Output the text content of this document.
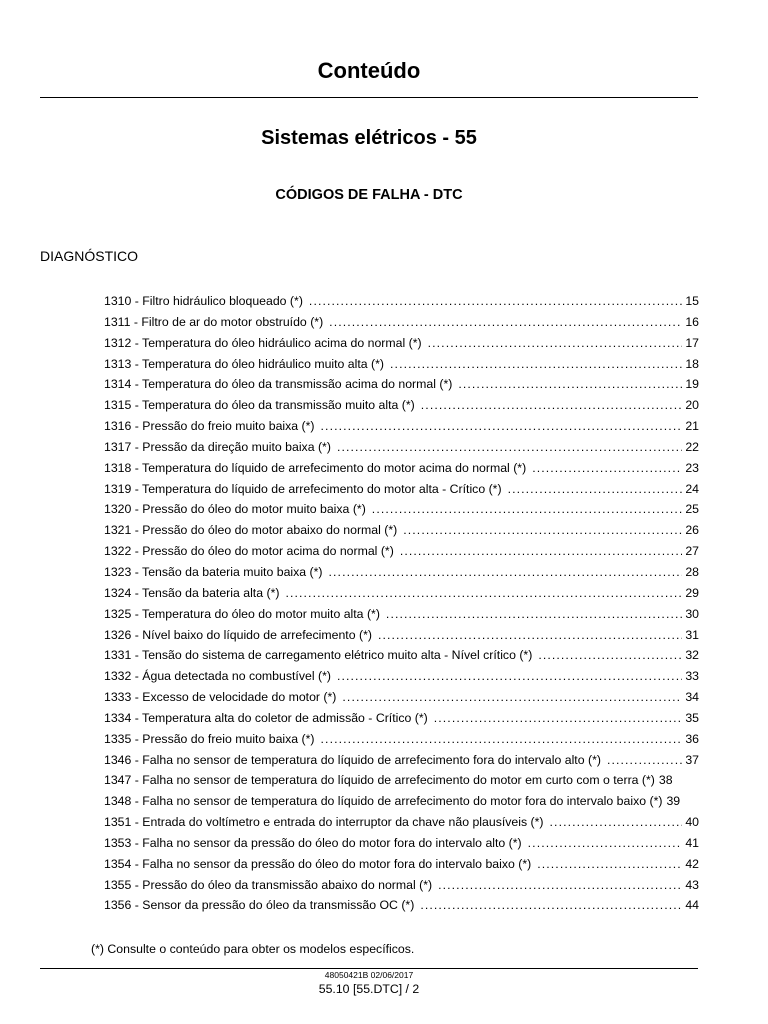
Conteúdo
Sistemas elétricos - 55
CÓDIGOS DE FALHA - DTC
DIAGNÓSTICO
1310 - Filtro hidráulico bloqueado (*) .....	15
1311 - Filtro de ar do motor obstruído (*) .....	16
1312 - Temperatura do óleo hidráulico acima do normal (*) .....	17
1313 - Temperatura do óleo hidráulico muito alta (*) .....	18
1314 - Temperatura do óleo da transmissão acima do normal (*) .....	19
1315 - Temperatura do óleo da transmissão muito alta (*) .....	20
1316 - Pressão do freio muito baixa (*) .....	21
1317 - Pressão da direção muito baixa (*) .....	22
1318 - Temperatura do líquido de arrefecimento do motor acima do normal (*) .....	23
1319 - Temperatura do líquido de arrefecimento do motor alta - Crítico (*) .....	24
1320 - Pressão do óleo do motor muito baixa (*) .....	25
1321 - Pressão do óleo do motor abaixo do normal (*) .....	26
1322 - Pressão do óleo do motor acima do normal (*) .....	27
1323 - Tensão da bateria muito baixa (*) .....	28
1324 - Tensão da bateria alta (*) .....	29
1325 - Temperatura do óleo do motor muito alta (*) .....	30
1326 - Nível baixo do líquido de arrefecimento (*) .....	31
1331 - Tensão do sistema de carregamento elétrico muito alta - Nível crítico (*) .....	32
1332 - Água detectada no combustível (*) .....	33
1333 - Excesso de velocidade do motor (*) .....	34
1334 - Temperatura alta do coletor de admissão - Crítico (*) .....	35
1335 - Pressão do freio muito baixa (*) .....	36
1346 - Falha no sensor de temperatura do líquido de arrefecimento fora do intervalo alto (*) .....	37
1347 - Falha no sensor de temperatura do líquido de arrefecimento do motor em curto com o terra (*) 38
1348 - Falha no sensor de temperatura do líquido de arrefecimento do motor fora do intervalo baixo (*) 39
1351 - Entrada do voltímetro e entrada do interruptor da chave não plausíveis (*) .....	40
1353 - Falha no sensor da pressão do óleo do motor fora do intervalo alto (*) .....	41
1354 - Falha no sensor da pressão do óleo do motor fora do intervalo baixo (*) .....	42
1355 - Pressão do óleo da transmissão abaixo do normal (*) .....	43
1356 - Sensor da pressão do óleo da transmissão OC (*) .....	44
(*) Consulte o conteúdo para obter os modelos específicos.
48050421B 02/06/2017
55.10 [55.DTC] / 2
